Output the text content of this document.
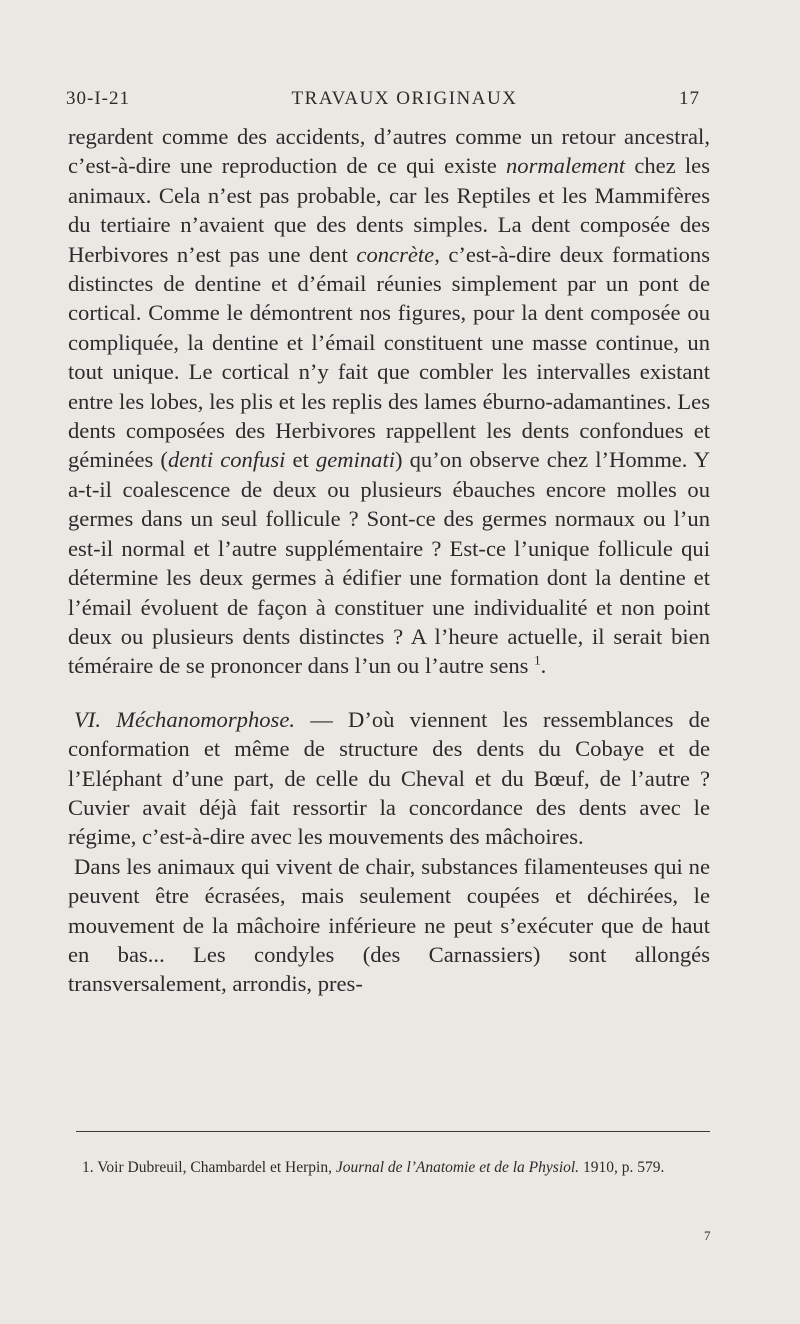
30-I-21	TRAVAUX ORIGINAUX	17

regardent comme des accidents, d’autres comme un retour ancestral, c’est-à-dire une reproduction de ce qui existe normalement chez les animaux. Cela n’est pas probable, car les Reptiles et les Mammifères du tertiaire n’avaient que des dents simples. La dent composée des Herbivores n’est pas une dent concrète, c’est-à-dire deux formations distinctes de dentine et d’émail réunies simplement par un pont de cortical. Comme le démontrent nos figures, pour la dent composée ou compliquée, la dentine et l’émail constituent une masse continue, un tout unique. Le cortical n’y fait que combler les intervalles existant entre les lobes, les plis et les replis des lames éburno-adamantines. Les dents composées des Herbivores rappellent les dents confondues et géminées (denti confusi et geminati) qu’on observe chez l’Homme. Y a-t-il coalescence de deux ou plusieurs ébauches encore molles ou germes dans un seul follicule ? Sont-ce des germes normaux ou l’un est-il normal et l’autre supplémentaire ? Est-ce l’unique follicule qui détermine les deux germes à édifier une formation dont la dentine et l’émail évoluent de façon à constituer une individualité et non point deux ou plusieurs dents distinctes ? A l’heure actuelle, il serait bien téméraire de se prononcer dans l’un ou l’autre sens $^1$.

VI. Méchanomorphose. — D’où viennent les ressemblances de conformation et même de structure des dents du Cobaye et de l’Eléphant d’une part, de celle du Cheval et du Bœuf, de l’autre ? Cuvier avait déjà fait ressortir la concordance des dents avec le régime, c’est-à-dire avec les mouvements des mâchoires.

Dans les animaux qui vivent de chair, substances filamenteuses qui ne peuvent être écrasées, mais seulement coupées et déchirées, le mouvement de la mâchoire inférieure ne peut s’exécuter que de haut en bas... Les condyles (des Carnassiers) sont allongés transversalement, arrondis, pres-

1. Voir Dubreuil, Chambardel et Herpin, Journal de l’Anatomie et de la Physiol. 1910, p. 579.
7
